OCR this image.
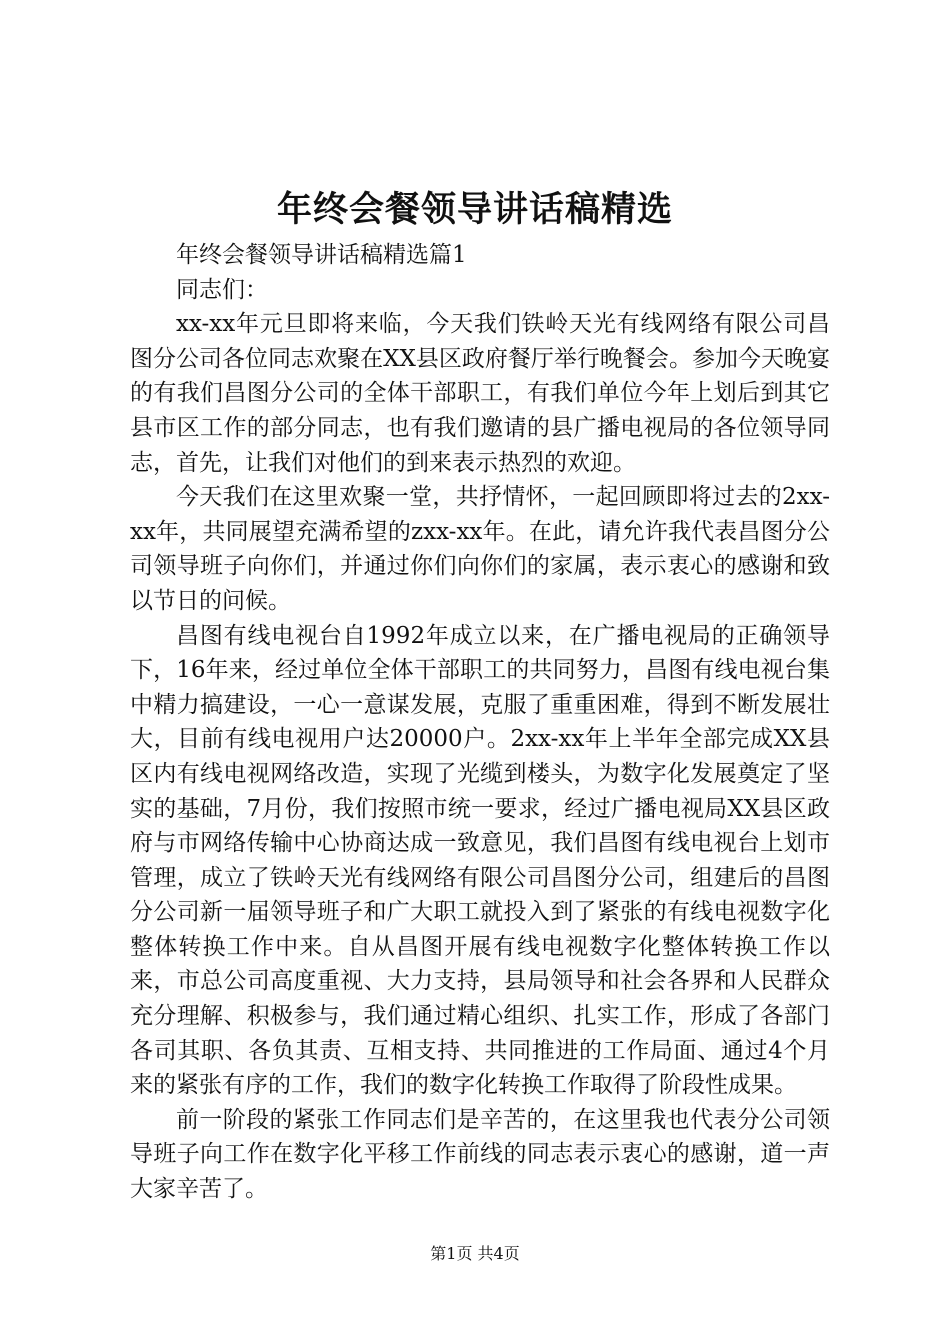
年终会餐领导讲话稿精选

年终会餐领导讲话稿精选篇1

同志们：

xx-xx年元旦即将来临，今天我们铁岭天光有线网络有限公司昌图分公司各位同志欢聚在XX县区政府餐厅举行晚餐会。参加今天晚宴的有我们昌图分公司的全体干部职工，有我们单位今年上划后到其它县市区工作的部分同志，也有我们邀请的县广播电视局的各位领导同志，首先，让我们对他们的到来表示热烈的欢迎。

今天我们在这里欢聚一堂，共抒情怀，一起回顾即将过去的2xx-xx年，共同展望充满希望的zxx-xx年。在此，请允许我代表昌图分公司领导班子向你们，并通过你们向你们的家属，表示衷心的感谢和致以节日的问候。

昌图有线电视台自1992年成立以来，在广播电视局的正确领导下，16年来，经过单位全体干部职工的共同努力，昌图有线电视台集中精力搞建设，一心一意谋发展，克服了重重困难，得到不断发展壮大，目前有线电视用户达20000户。2xx-xx年上半年全部完成XX县区内有线电视网络改造，实现了光缆到楼头，为数字化发展奠定了坚实的基础，7月份，我们按照市统一要求，经过广播电视局XX县区政府与市网络传输中心协商达成一致意见，我们昌图有线电视台上划市管理，成立了铁岭天光有线网络有限公司昌图分公司，组建后的昌图分公司新一届领导班子和广大职工就投入到了紧张的有线电视数字化整体转换工作中来。自从昌图开展有线电视数字化整体转换工作以来，市总公司高度重视、大力支持，县局领导和社会各界和人民群众充分理解、积极参与，我们通过精心组织、扎实工作，形成了各部门各司其职、各负其责、互相支持、共同推进的工作局面、通过4个月来的紧张有序的工作，我们的数字化转换工作取得了阶段性成果。

前一阶段的紧张工作同志们是辛苦的，在这里我也代表分公司领导班子向工作在数字化平移工作前线的同志表示衷心的感谢，道一声大家辛苦了。

第1页 共4页
